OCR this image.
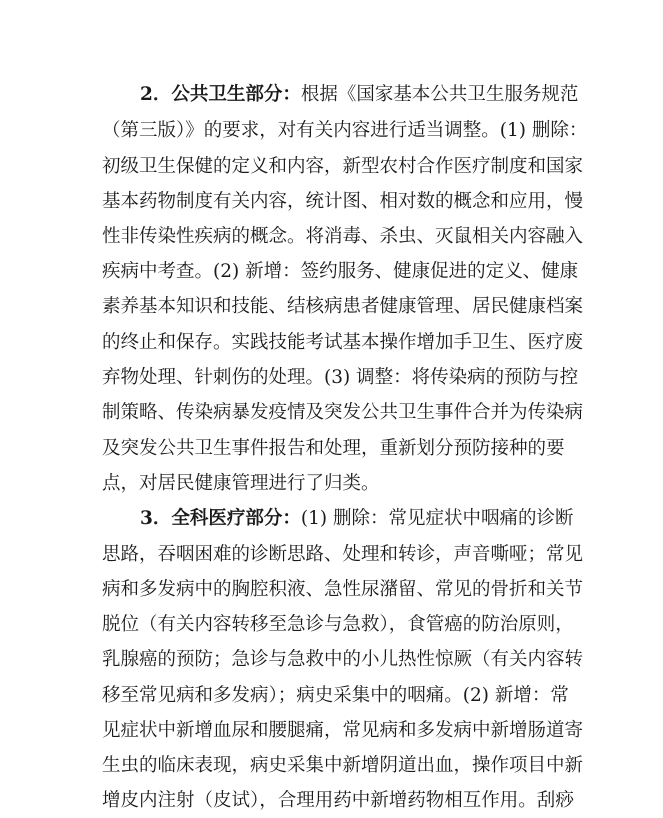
2．公共卫生部分：根据《国家基本公共卫生服务规范

（第三版）》的要求，对有关内容进行适当调整。(1) 删除：

初级卫生保健的定义和内容，新型农村合作医疗制度和国家

基本药物制度有关内容，统计图、相对数的概念和应用，慢

性非传染性疾病的概念。将消毒、杀虫、灭鼠相关内容融入

疾病中考查。(2) 新增：签约服务、健康促进的定义、健康

素养基本知识和技能、结核病患者健康管理、居民健康档案

的终止和保存。实践技能考试基本操作增加手卫生、医疗废

弃物处理、针刺伤的处理。(3) 调整：将传染病的预防与控

制策略、传染病暴发疫情及突发公共卫生事件合并为传染病

及突发公共卫生事件报告和处理，重新划分预防接种的要

点，对居民健康管理进行了归类。

3．全科医疗部分：(1) 删除：常见症状中咽痛的诊断

思路，吞咽困难的诊断思路、处理和转诊，声音嘶哑；常见

病和多发病中的胸腔积液、急性尿潴留、常见的骨折和关节

脱位（有关内容转移至急诊与急救），食管癌的防治原则，

乳腺癌的预防；急诊与急救中的小儿热性惊厥（有关内容转

移至常见病和多发病）；病史采集中的咽痛。(2) 新增：常

见症状中新增血尿和腰腿痛，常见病和多发病中新增肠道寄

生虫的临床表现，病史采集中新增阴道出血，操作项目中新

增皮内注射（皮试），合理用药中新增药物相互作用。刮痧
